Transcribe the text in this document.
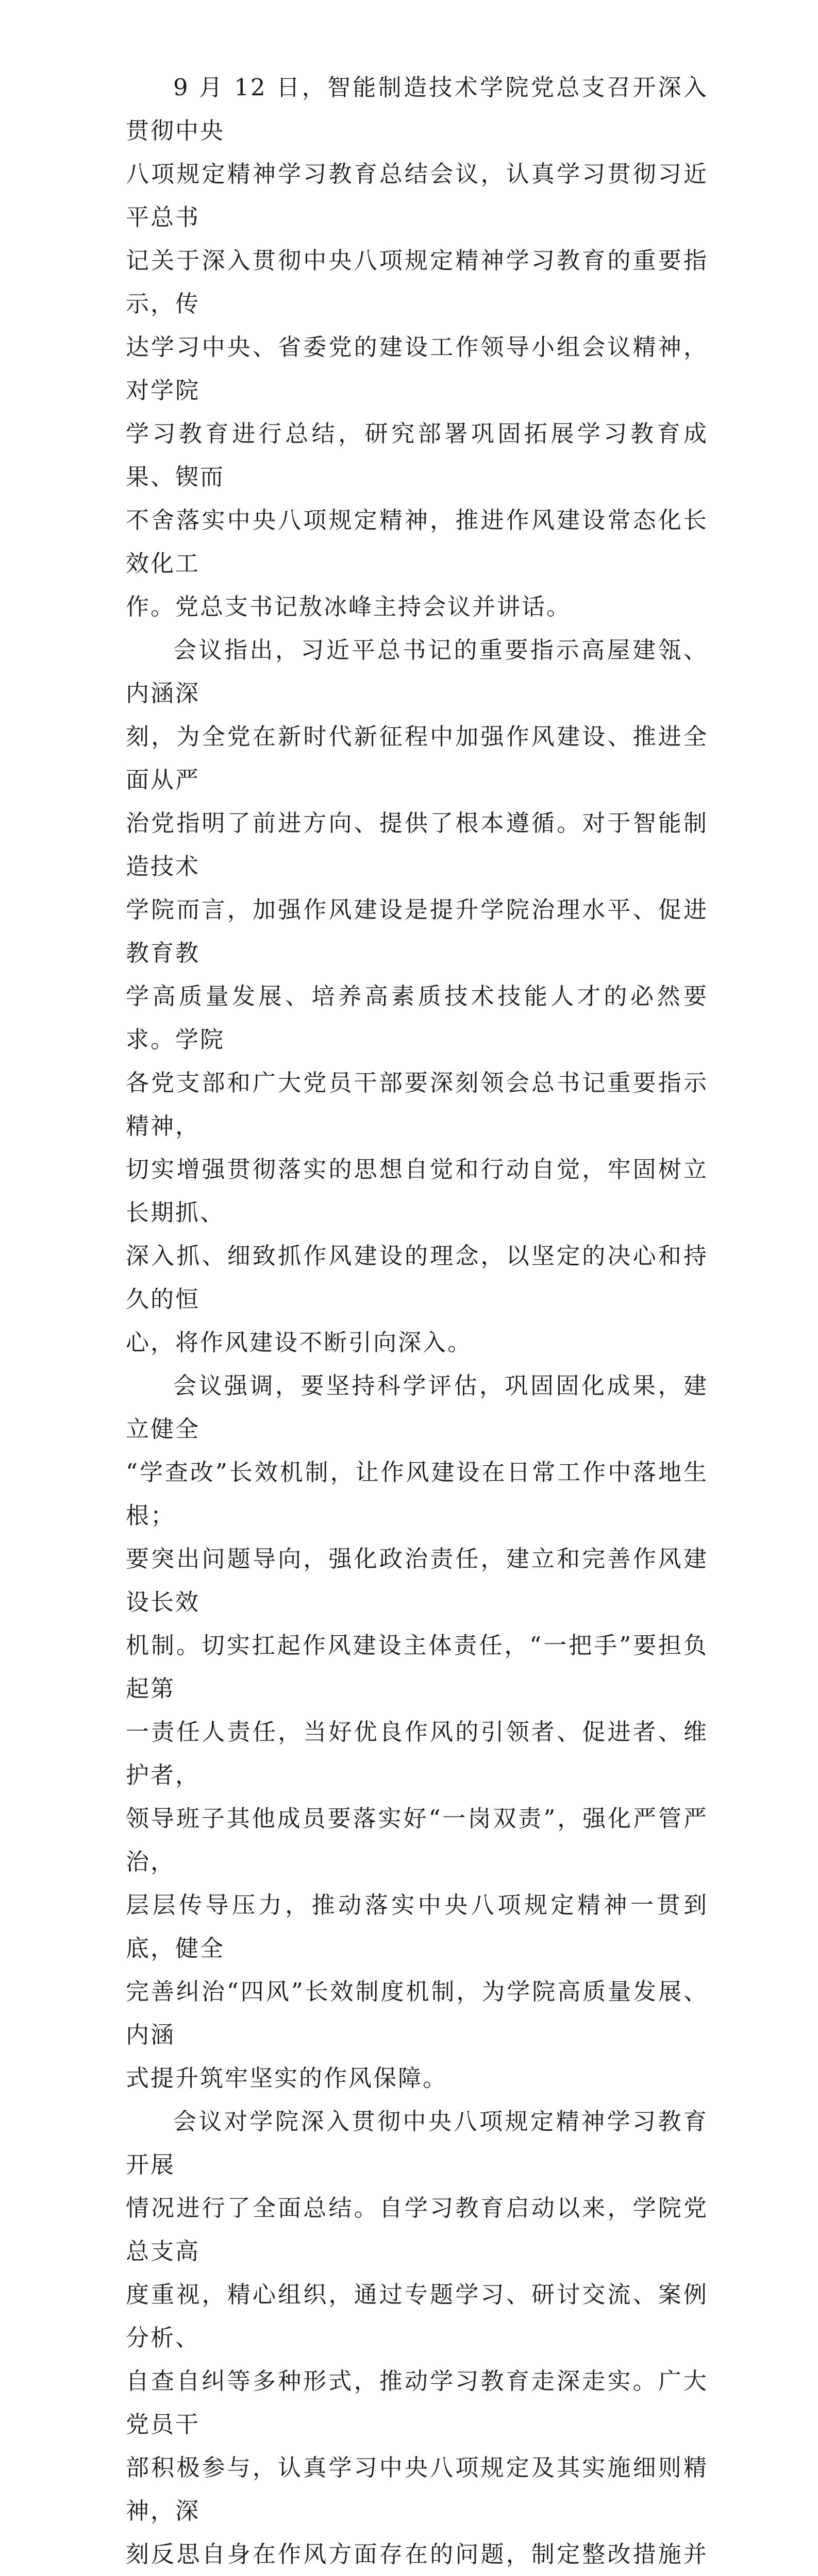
9 月 12 日，智能制造技术学院党总支召开深入贯彻中央
八项规定精神学习教育总结会议，认真学习贯彻习近平总书
记关于深入贯彻中央八项规定精神学习教育的重要指示，传
达学习中央、省委党的建设工作领导小组会议精神，对学院
学习教育进行总结，研究部署巩固拓展学习教育成果、锲而
不舍落实中央八项规定精神，推进作风建设常态化长效化工
作。党总支书记敖冰峰主持会议并讲话。

会议指出，习近平总书记的重要指示高屋建瓴、内涵深
刻，为全党在新时代新征程中加强作风建设、推进全面从严
治党指明了前进方向、提供了根本遵循。对于智能制造技术
学院而言，加强作风建设是提升学院治理水平、促进教育教
学高质量发展、培养高素质技术技能人才的必然要求。学院
各党支部和广大党员干部要深刻领会总书记重要指示精神，
切实增强贯彻落实的思想自觉和行动自觉，牢固树立长期抓、
深入抓、细致抓作风建设的理念，以坚定的决心和持久的恒
心，将作风建设不断引向深入。

会议强调，要坚持科学评估，巩固固化成果，建立健全
“学查改”长效机制，让作风建设在日常工作中落地生根；
要突出问题导向，强化政治责任，建立和完善作风建设长效
机制。切实扛起作风建设主体责任，“一把手”要担负起第
一责任人责任，当好优良作风的引领者、促进者、维护者，
领导班子其他成员要落实好“一岗双责”，强化严管严治，
层层传导压力，推动落实中央八项规定精神一贯到底，健全
完善纠治“四风”长效制度机制，为学院高质量发展、内涵
式提升筑牢坚实的作风保障。

会议对学院深入贯彻中央八项规定精神学习教育开展
情况进行了全面总结。自学习教育启动以来，学院党总支高
度重视，精心组织，通过专题学习、研讨交流、案例分析、
自查自纠等多种形式，推动学习教育走深走实。广大党员干
部积极参与，认真学习中央八项规定及其实施细则精神，深
刻反思自身在作风方面存在的问题，制定整改措施并
